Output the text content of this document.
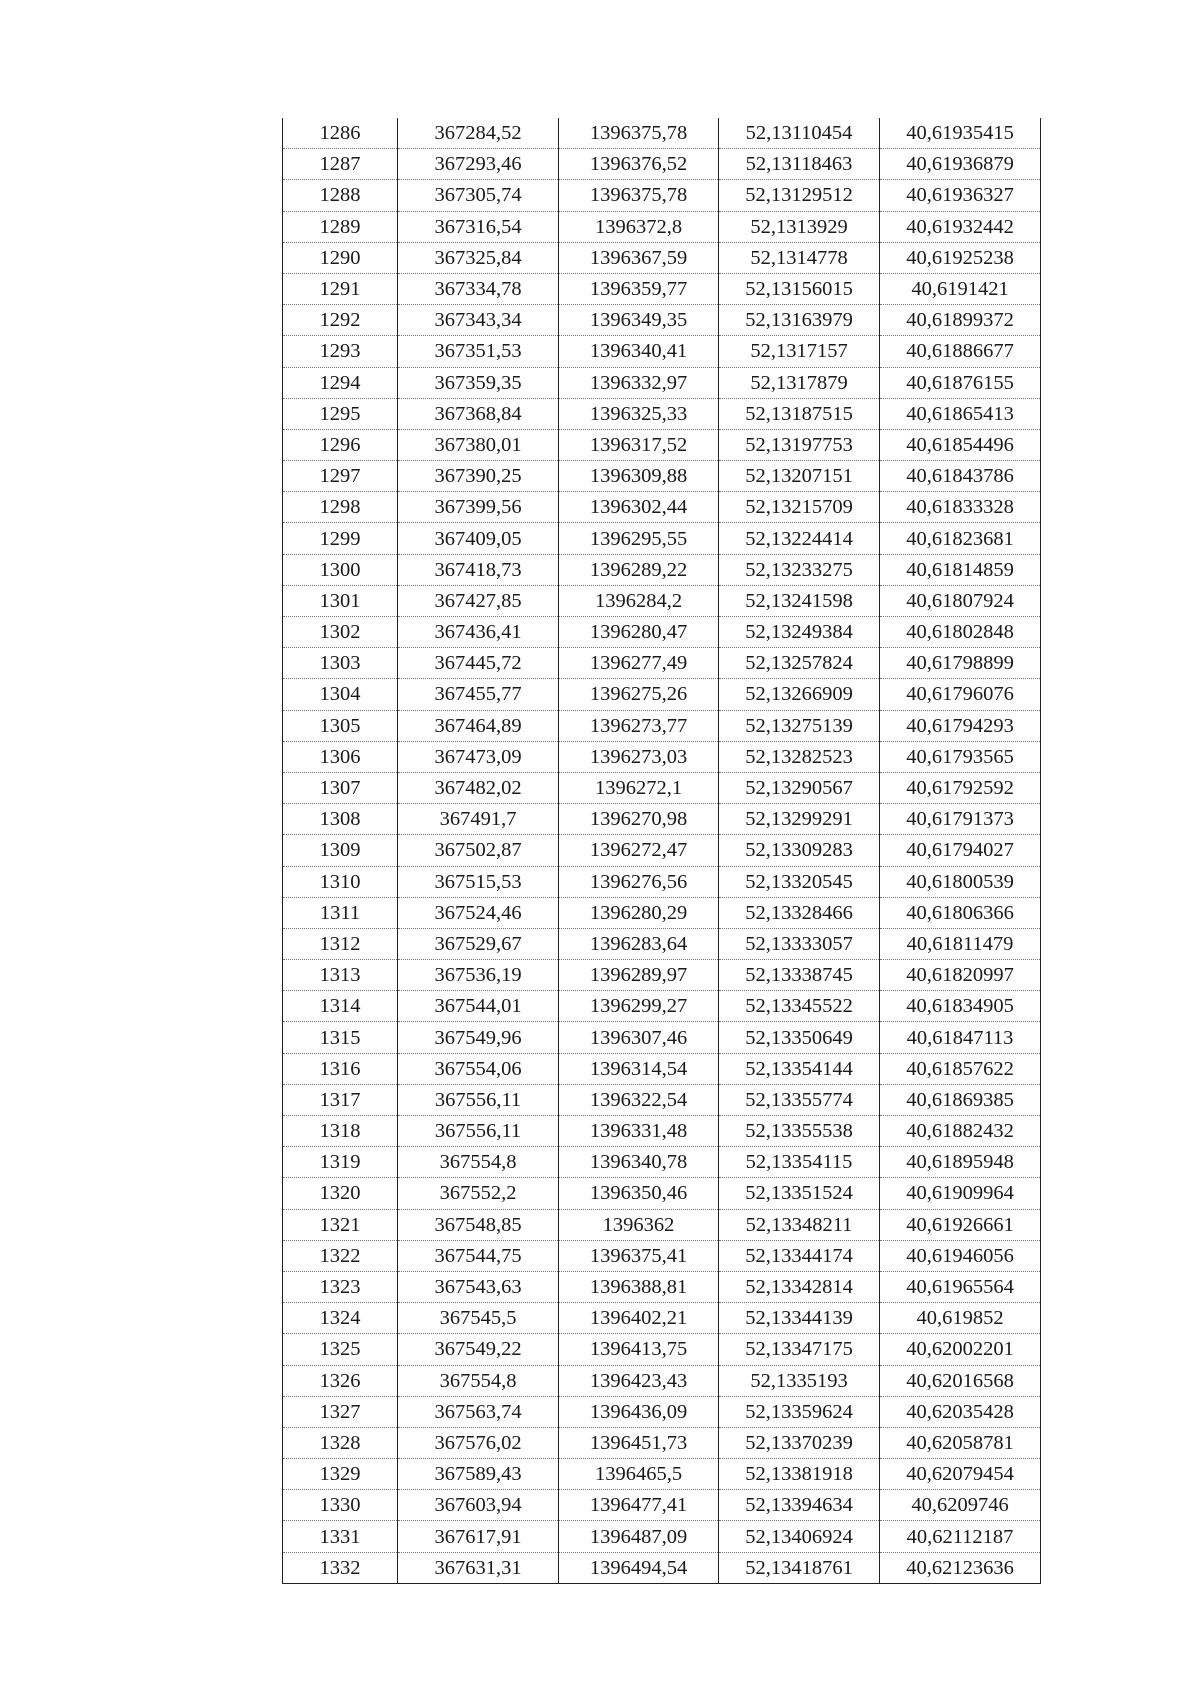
1286	367284,52	1396375,78	52,13110454	40,61935415
1287	367293,46	1396376,52	52,13118463	40,61936879
1288	367305,74	1396375,78	52,13129512	40,61936327
1289	367316,54	1396372,8	52,1313929	40,61932442
1290	367325,84	1396367,59	52,1314778	40,61925238
1291	367334,78	1396359,77	52,13156015	40,6191421
1292	367343,34	1396349,35	52,13163979	40,61899372
1293	367351,53	1396340,41	52,1317157	40,61886677
1294	367359,35	1396332,97	52,1317879	40,61876155
1295	367368,84	1396325,33	52,13187515	40,61865413
1296	367380,01	1396317,52	52,13197753	40,61854496
1297	367390,25	1396309,88	52,13207151	40,61843786
1298	367399,56	1396302,44	52,13215709	40,61833328
1299	367409,05	1396295,55	52,13224414	40,61823681
1300	367418,73	1396289,22	52,13233275	40,61814859
1301	367427,85	1396284,2	52,13241598	40,61807924
1302	367436,41	1396280,47	52,13249384	40,61802848
1303	367445,72	1396277,49	52,13257824	40,61798899
1304	367455,77	1396275,26	52,13266909	40,61796076
1305	367464,89	1396273,77	52,13275139	40,61794293
1306	367473,09	1396273,03	52,13282523	40,61793565
1307	367482,02	1396272,1	52,13290567	40,61792592
1308	367491,7	1396270,98	52,13299291	40,61791373
1309	367502,87	1396272,47	52,13309283	40,61794027
1310	367515,53	1396276,56	52,13320545	40,61800539
1311	367524,46	1396280,29	52,13328466	40,61806366
1312	367529,67	1396283,64	52,13333057	40,61811479
1313	367536,19	1396289,97	52,13338745	40,61820997
1314	367544,01	1396299,27	52,13345522	40,61834905
1315	367549,96	1396307,46	52,13350649	40,61847113
1316	367554,06	1396314,54	52,13354144	40,61857622
1317	367556,11	1396322,54	52,13355774	40,61869385
1318	367556,11	1396331,48	52,13355538	40,61882432
1319	367554,8	1396340,78	52,13354115	40,61895948
1320	367552,2	1396350,46	52,13351524	40,61909964
1321	367548,85	1396362	52,13348211	40,61926661
1322	367544,75	1396375,41	52,13344174	40,61946056
1323	367543,63	1396388,81	52,13342814	40,61965564
1324	367545,5	1396402,21	52,13344139	40,619852
1325	367549,22	1396413,75	52,13347175	40,62002201
1326	367554,8	1396423,43	52,1335193	40,62016568
1327	367563,74	1396436,09	52,13359624	40,62035428
1328	367576,02	1396451,73	52,13370239	40,62058781
1329	367589,43	1396465,5	52,13381918	40,62079454
1330	367603,94	1396477,41	52,13394634	40,6209746
1331	367617,91	1396487,09	52,13406924	40,62112187
1332	367631,31	1396494,54	52,13418761	40,62123636
